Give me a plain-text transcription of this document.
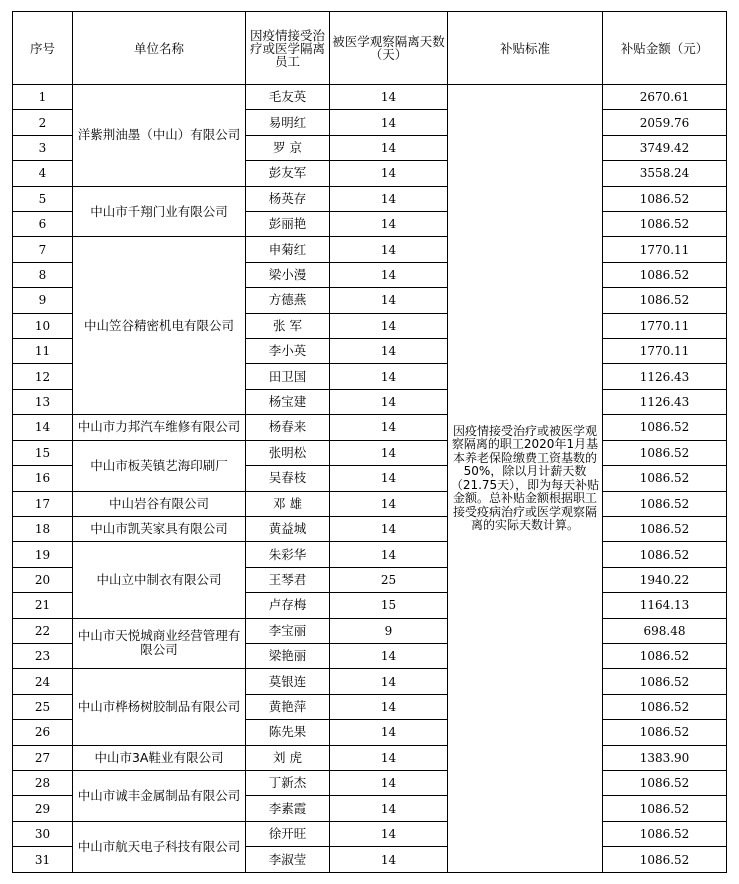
序号	单位名称	因疫情接受治疗或医学隔离员工	被医学观察隔离天数（天）	补贴标准	补贴金额（元）
1	洋紫荆油墨（中山）有限公司	毛友英	14	因疫情接受治疗或被医学观察隔离的职工2020年1月基本养老保险缴费工资基数的50%，除以月计薪天数（21.75天），即为每天补贴金额。总补贴金额根据职工接受疫病治疗或医学观察隔离的实际天数计算。	2670.61
2		易明红	14		2059.76
3		罗 京	14		3749.42
4		彭友军	14		3558.24
5	中山市千翔门业有限公司	杨英存	14		1086.52
6		彭丽艳	14		1086.52
7	中山笠谷精密机电有限公司	申菊红	14		1770.11
8		梁小漫	14		1086.52
9		方德燕	14		1086.52
10		张 军	14		1770.11
11		李小英	14		1770.11
12		田卫国	14		1126.43
13		杨宝建	14		1126.43
14	中山市力邦汽车维修有限公司	杨春来	14		1086.52
15	中山市板芙镇艺海印刷厂	张明松	14		1086.52
16		吴春枝	14		1086.52
17	中山岩谷有限公司	邓 雄	14		1086.52
18	中山市凯芙家具有限公司	黄益城	14		1086.52
19	中山立中制衣有限公司	朱彩华	14		1086.52
20		王琴君	25		1940.22
21		卢存梅	15		1164.13
22	中山市天悦城商业经营管理有限公司	李宝丽	9		698.48
23		梁艳丽	14		1086.52
24	中山市桦杨树胶制品有限公司	莫银连	14		1086.52
25		黄艳萍	14		1086.52
26		陈先果	14		1086.52
27	中山市3A鞋业有限公司	刘 虎	14		1383.90
28	中山市诚丰金属制品有限公司	丁新杰	14		1086.52
29		李素霞	14		1086.52
30	中山市航天电子科技有限公司	徐开旺	14		1086.52
31		李淑莹	14		1086.52
